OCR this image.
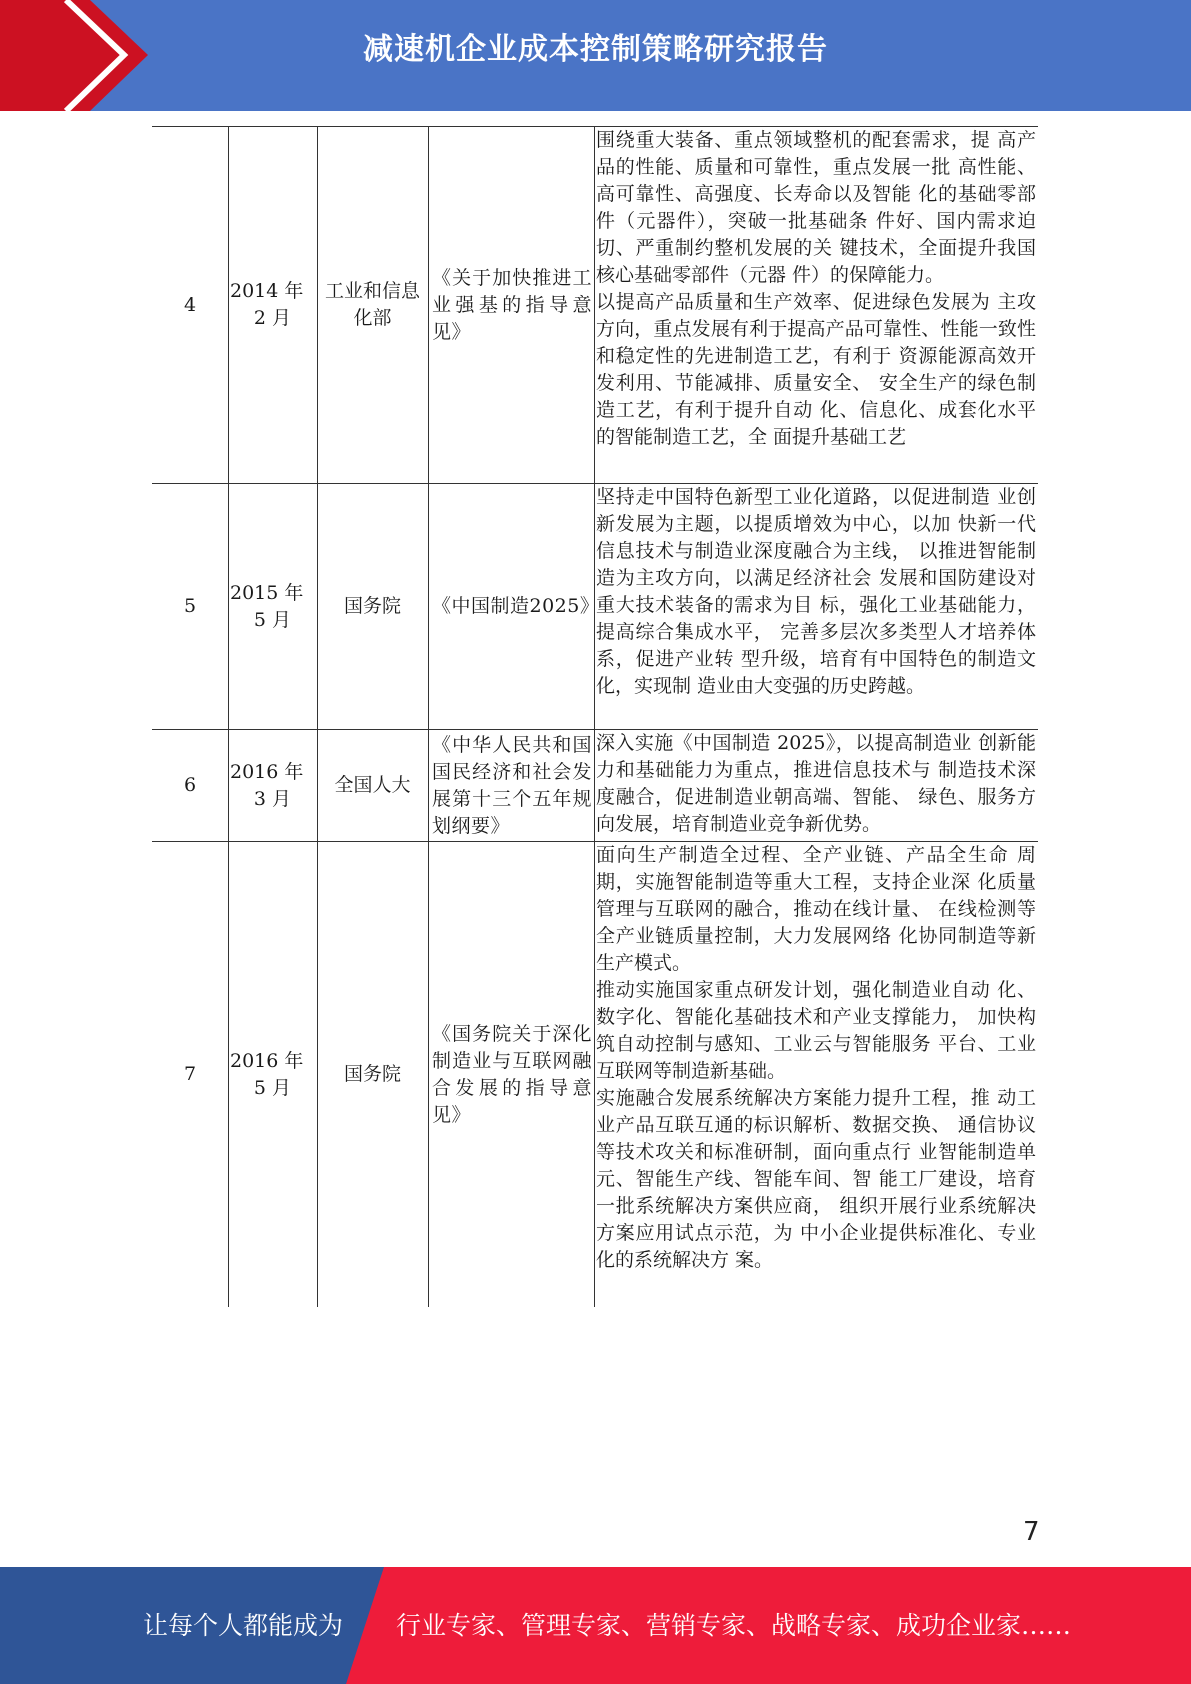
减速机企业成本控制策略研究报告
4
2014 年
2 月
工业和信息化部
《关于加快推进工业强基的指导意见》
围绕重大装备、重点领域整机的配套需求，提 高产品的性能、质量和可靠性，重点发展一批 高性能、高可靠性、高强度、长寿命以及智能 化的基础零部件（元器件），突破一批基础条 件好、国内需求迫切、严重制约整机发展的关 键技术，全面提升我国核心基础零部件（元器 件）的保障能力。
以提高产品质量和生产效率、促进绿色发展为 主攻方向，重点发展有利于提高产品可靠性、性能一致性和稳定性的先进制造工艺，有利于 资源能源高效开发利用、节能减排、质量安全、 安全生产的绿色制造工艺，有利于提升自动 化、信息化、成套化水平的智能制造工艺，全 面提升基础工艺
5
2015 年
5 月
国务院	《中国制造2025》
坚持走中国特色新型工业化道路，以促进制造 业创新发展为主题，以提质增效为中心，以加 快新一代信息技术与制造业深度融合为主线， 以推进智能制造为主攻方向，以满足经济社会 发展和国防建设对重大技术装备的需求为目 标，强化工业基础能力，提高综合集成水平， 完善多层次多类型人才培养体系，促进产业转 型升级，培育有中国特色的制造文化，实现制 造业由大变强的历史跨越。
6
2016 年
3 月
全国人大
《中华人民共和国国民经济和社会发展第十三个五年规划纲要》
深入实施《中国制造 2025》，以提高制造业 创新能力和基础能力为重点，推进信息技术与 制造技术深度融合，促进制造业朝高端、智能、 绿色、服务方向发展，培育制造业竞争新优势。
7
2016 年
5 月
国务院
《国务院关于深化制造业与互联网融合发展的指导意见》
面向生产制造全过程、全产业链、产品全生命 周期，实施智能制造等重大工程，支持企业深 化质量管理与互联网的融合，推动在线计量、 在线检测等全产业链质量控制，大力发展网络 化协同制造等新生产模式。
推动实施国家重点研发计划，强化制造业自动 化、数字化、智能化基础技术和产业支撑能力， 加快构筑自动控制与感知、工业云与智能服务 平台、工业互联网等制造新基础。
实施融合发展系统解决方案能力提升工程，推 动工业产品互联互通的标识解析、数据交换、 通信协议等技术攻关和标准研制，面向重点行 业智能制造单元、智能生产线、智能车间、智 能工厂建设，培育一批系统解决方案供应商， 组织开展行业系统解决方案应用试点示范，为 中小企业提供标准化、专业化的系统解决方 案。
7
让每个人都能成为 行业专家、管理专家、营销专家、战略专家、成功企业家……
